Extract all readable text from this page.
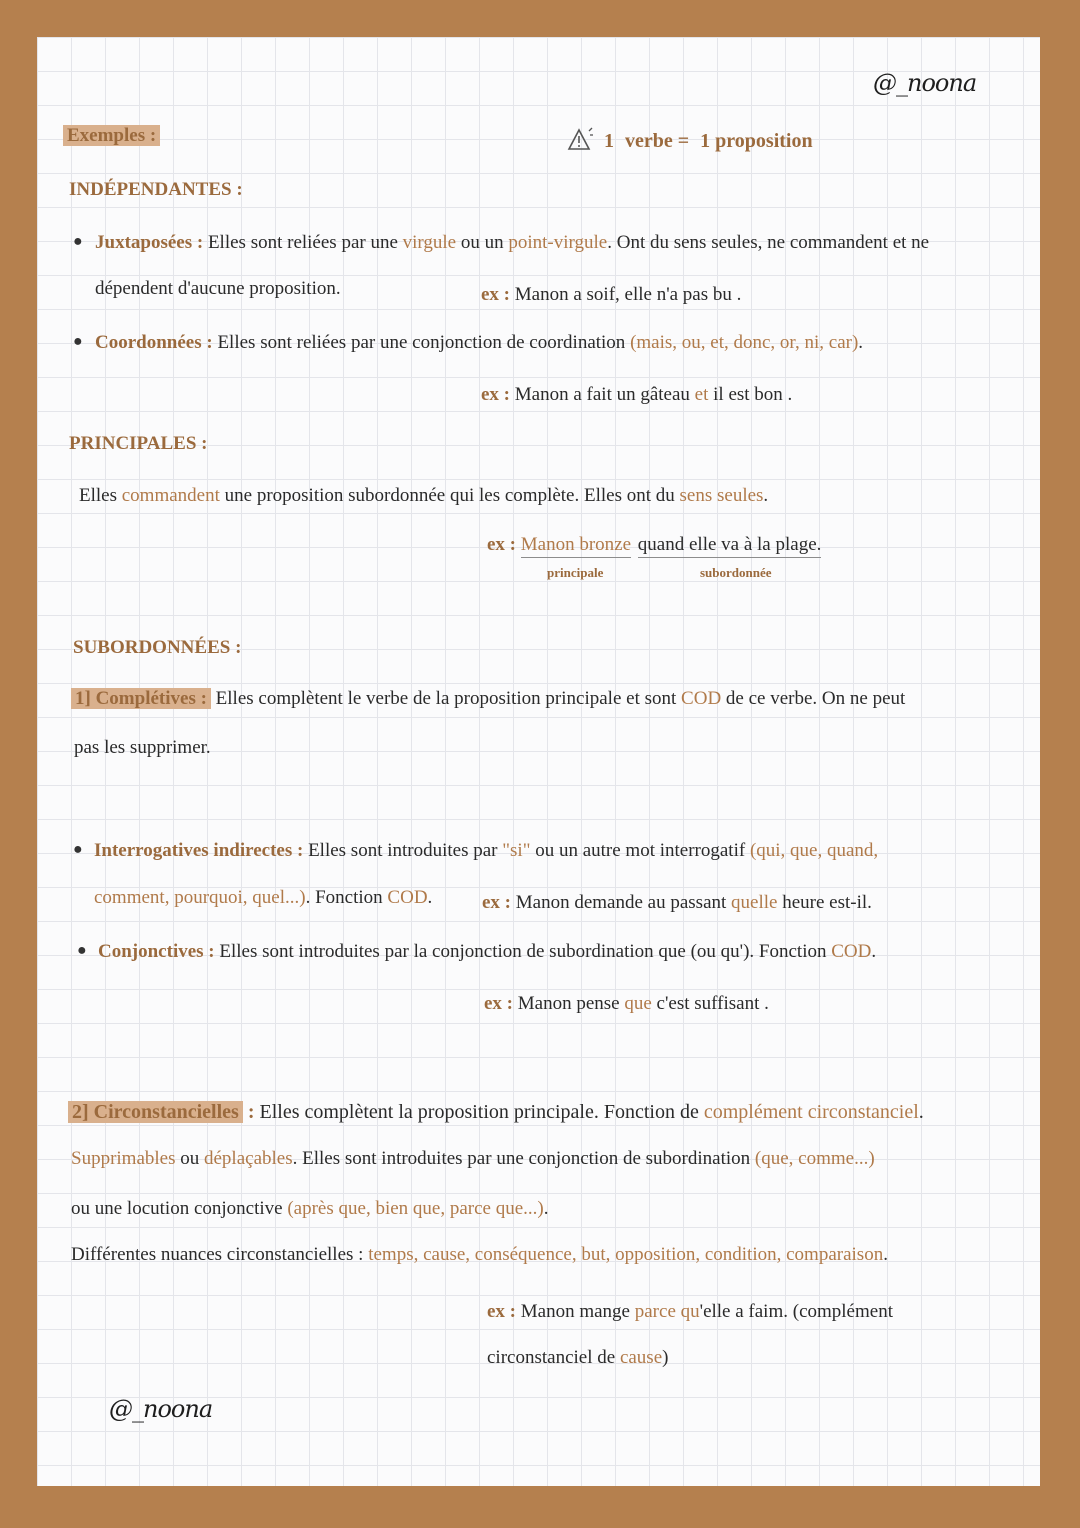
@_noona
Exemples :	1 verbe = 1 proposition
INDÉPENDANTES :
● Juxtaposées : Elles sont reliées par une virgule ou un point-virgule. Ont du sens seules, ne commandent et ne
dépendent d'aucune proposition.	ex : Manon a soif, elle n'a pas bu .
● Coordonnées : Elles sont reliées par une conjonction de coordination (mais, ou, et, donc, or, ni, car).
ex : Manon a fait un gâteau et il est bon .
PRINCIPALES :
Elles commandent une proposition subordonnée qui les complète. Elles ont du sens seules.
ex : Manon bronze quand elle va à la plage.
principale	subordonnée
SUBORDONNÉES :
1] Complétives : Elles complètent le verbe de la proposition principale et sont COD de ce verbe. On ne peut
pas les supprimer.
● Interrogatives indirectes : Elles sont introduites par "si" ou un autre mot interrogatif (qui, que, quand,
comment, pourquoi, quel...). Fonction COD.	ex : Manon demande au passant quelle heure est-il.
● Conjonctives : Elles sont introduites par la conjonction de subordination que (ou qu'). Fonction COD.
ex : Manon pense que c'est suffisant .
2] Circonstancielles : Elles complètent la proposition principale. Fonction de complément circonstanciel.
Supprimables ou déplaçables. Elles sont introduites par une conjonction de subordination (que, comme...)
ou une locution conjonctive (après que, bien que, parce que...).
Différentes nuances circonstancielles : temps, cause, conséquence, but, opposition, condition, comparaison.
ex : Manon mange parce qu'elle a faim. (complément
circonstanciel de cause)
@_noona
